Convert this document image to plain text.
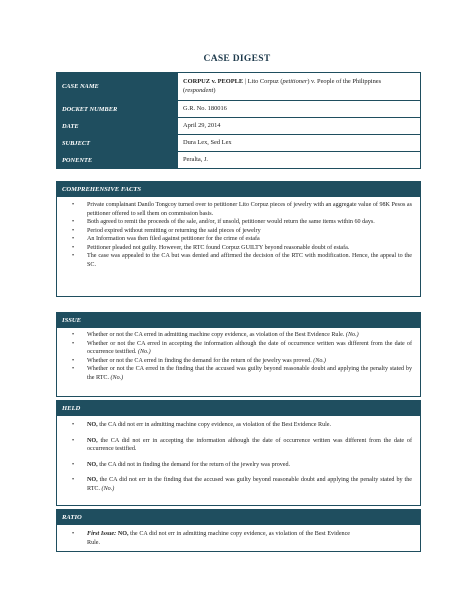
CASE DIGEST
CASE NAME	CORPUZ v. PEOPLE | Lito Corpuz (petitioner) v. People of the Philippines (respondent)
DOCKET NUMBER	G.R. No. 180016
DATE	April 29, 2014
SUBJECT	Dura Lex, Sed Lex
PONENTE	Peralta, J.
COMPREHENSIVE FACTS
• Private complainant Danilo Tongcoy turned over to petitioner Lito Corpuz pieces of jewelry with an aggregate value of 98K Pesos as petitioner offered to sell them on commission basis.
• Both agreed to remit the proceeds of the sale, and/or, if unsold, petitioner would return the same items within 60 days.
• Period expired without remitting or returning the said pieces of jewelry
• An Information was then filed against petitioner for the crime of estafa
• Petitioner pleaded not guilty. However, the RTC found Corpuz GUILTY beyond reasonable doubt of estafa.
• The case was appealed to the CA but was denied and affirmed the decision of the RTC with modification. Hence, the appeal to the SC.
ISSUE
• Whether or not the CA erred in admitting machine copy evidence, as violation of the Best Evidence Rule. (No.)
• Whether or not the CA erred in accepting the information although the date of occurrence written was different from the date of occurrence testified. (No.)
• Whether or not the CA erred in finding the demand for the return of the jewelry was proved. (No.)
• Whether or not the CA erred in the finding that the accused was guilty beyond reasonable doubt and applying the penalty stated by the RTC. (No.)
HELD
• NO, the CA did not err in admitting machine copy evidence, as violation of the Best Evidence Rule.
• NO, the CA did not err in accepting the information although the date of occurrence written was different from the date of occurrence testified.
• NO, the CA did not in finding the demand for the return of the jewelry was proved.
• NO, the CA did not err in the finding that the accused was guilty beyond reasonable doubt and applying the penalty stated by the RTC. (No.)
RATIO
• First Issue: NO, the CA did not err in admitting machine copy evidence, as violation of the Best Evidence Rule.
